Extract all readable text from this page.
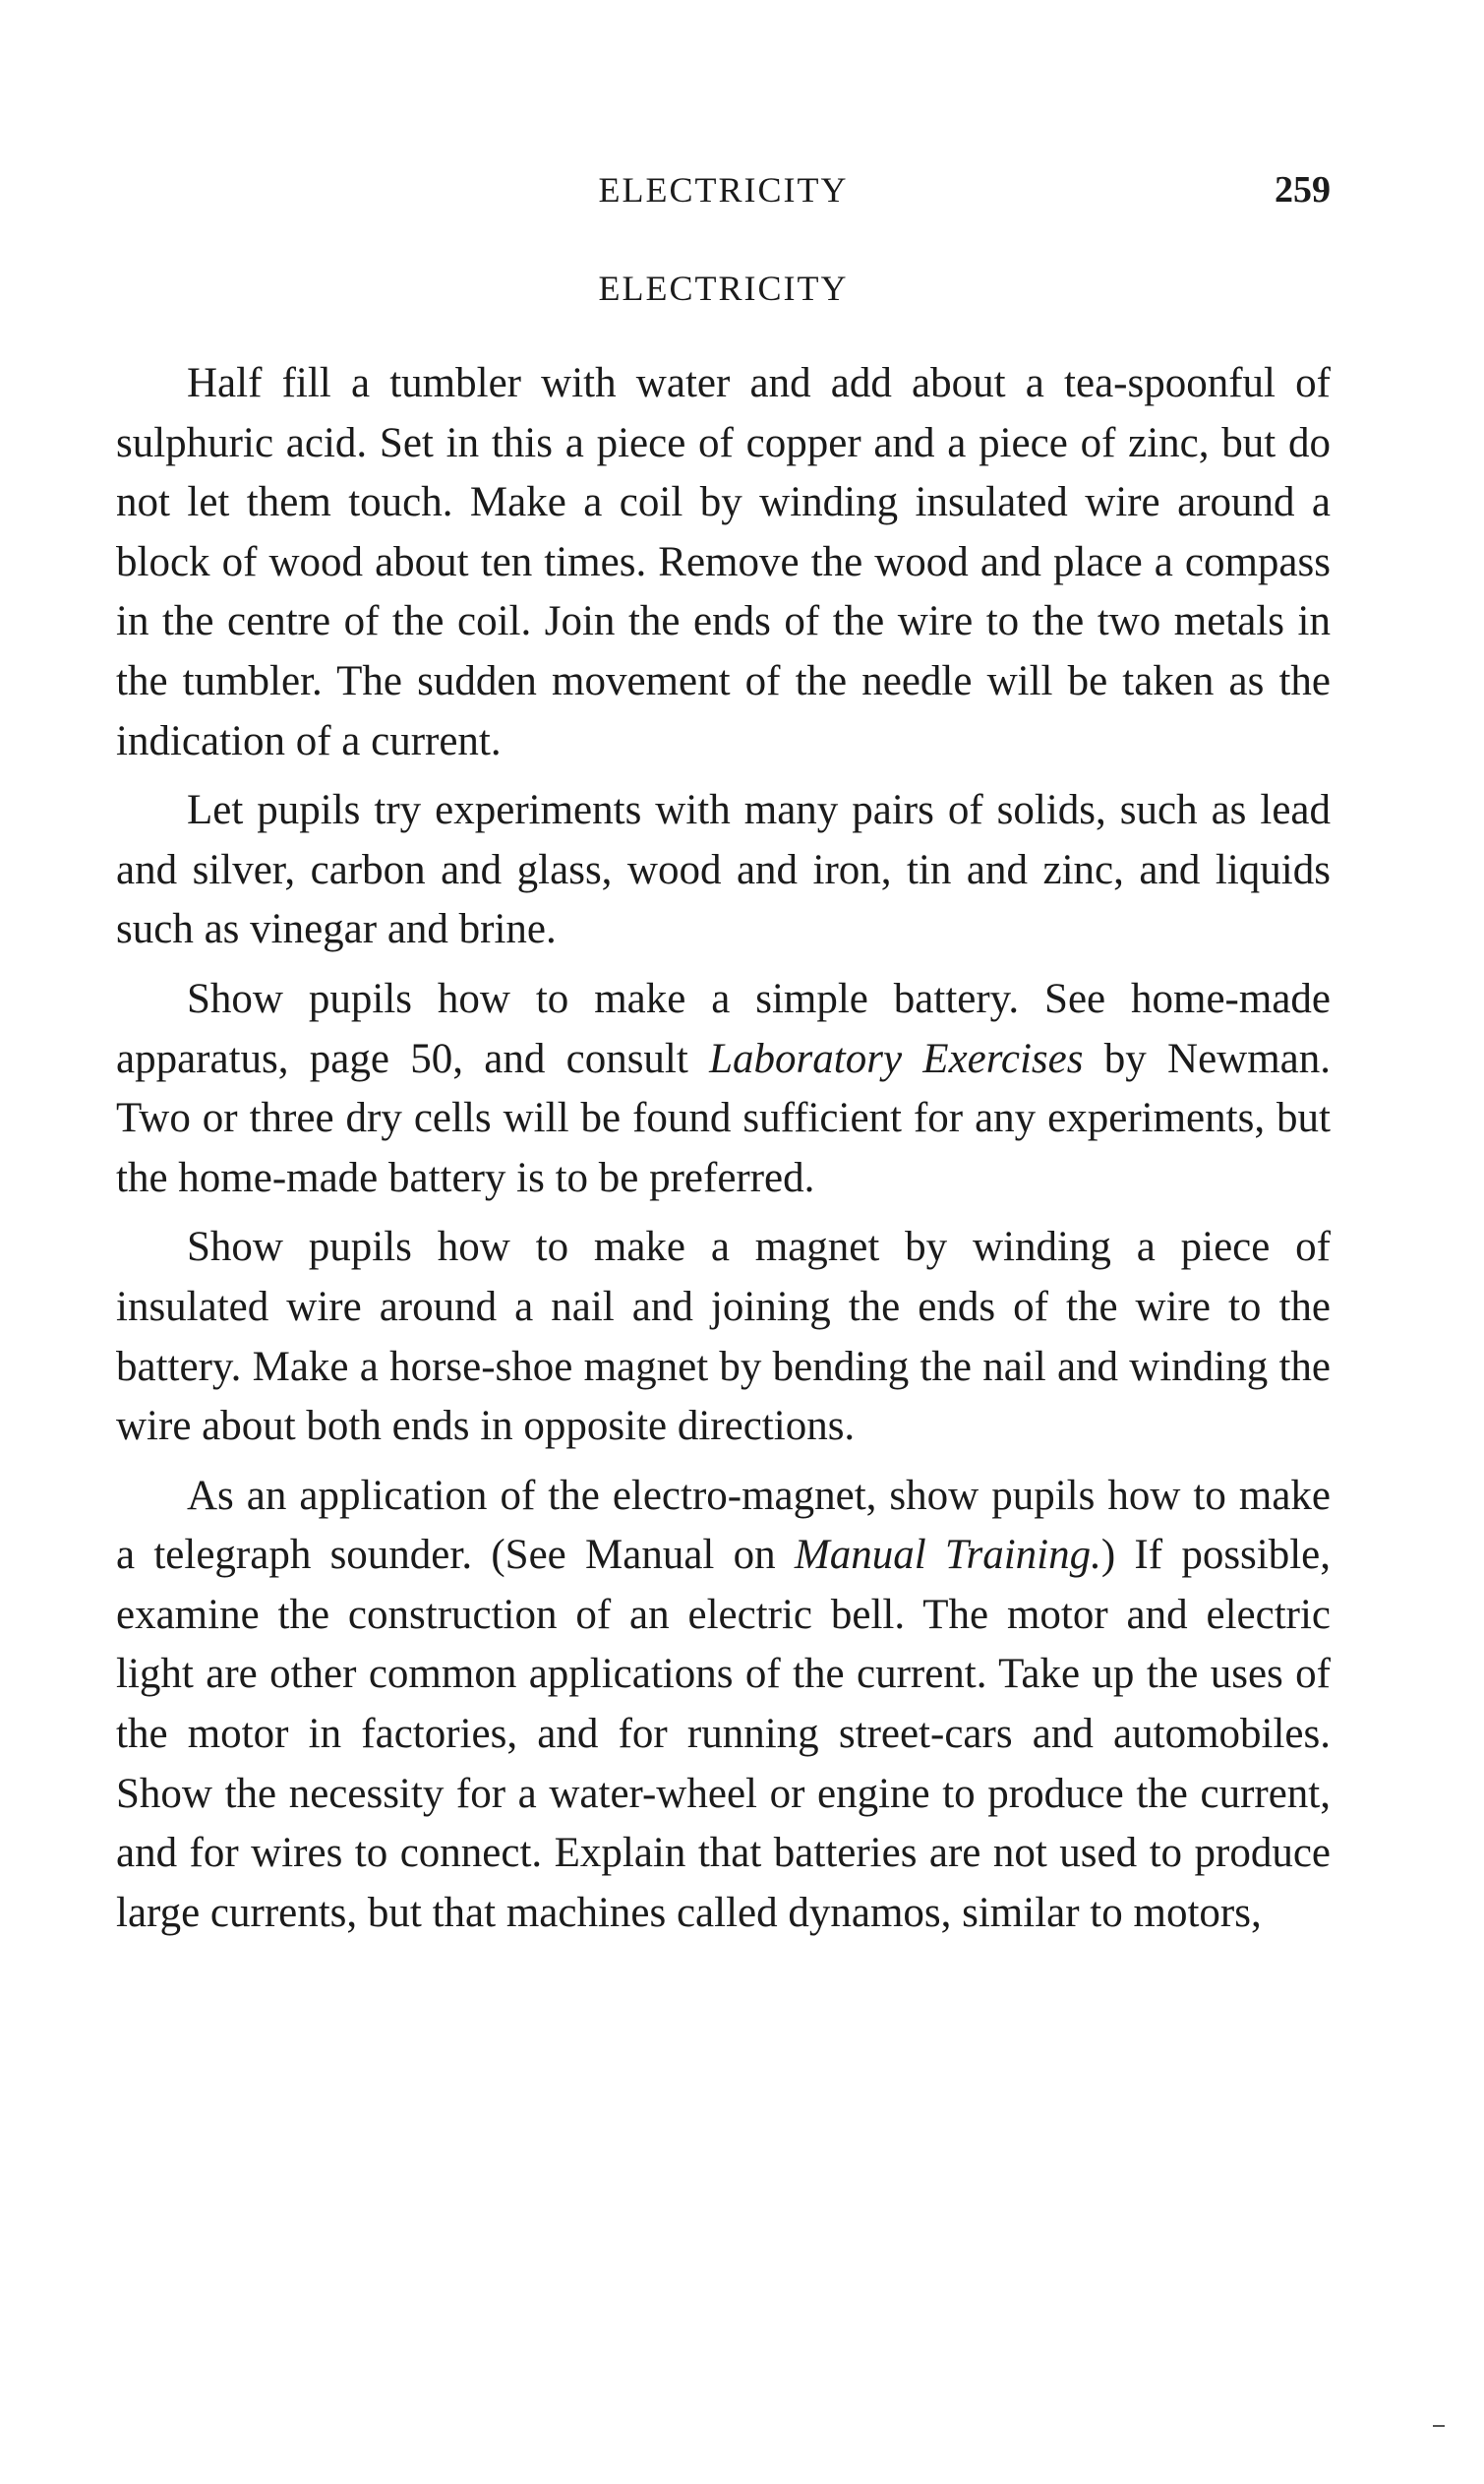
ELECTRICITY	259
ELECTRICITY

Half fill a tumbler with water and add about a tea-spoonful of sulphuric acid. Set in this a piece of copper and a piece of zinc, but do not let them touch. Make a coil by winding insulated wire around a block of wood about ten times. Remove the wood and place a compass in the centre of the coil. Join the ends of the wire to the two metals in the tumbler. The sudden movement of the needle will be taken as the indication of a current.

Let pupils try experiments with many pairs of solids, such as lead and silver, carbon and glass, wood and iron, tin and zinc, and liquids such as vinegar and brine.

Show pupils how to make a simple battery. See home-made apparatus, page 50, and consult Laboratory Exercises by Newman. Two or three dry cells will be found sufficient for any experiments, but the home-made battery is to be preferred.

Show pupils how to make a magnet by winding a piece of insulated wire around a nail and joining the ends of the wire to the battery. Make a horse-shoe magnet by bending the nail and winding the wire about both ends in opposite directions.

As an application of the electro-magnet, show pupils how to make a telegraph sounder. (See Manual on Manual Training.) If possible, examine the construction of an electric bell. The motor and electric light are other common applications of the current. Take up the uses of the motor in factories, and for running street-cars and automobiles. Show the necessity for a water-wheel or engine to produce the current, and for wires to connect. Explain that batteries are not used to produce large currents, but that machines called dynamos, similar to motors,
